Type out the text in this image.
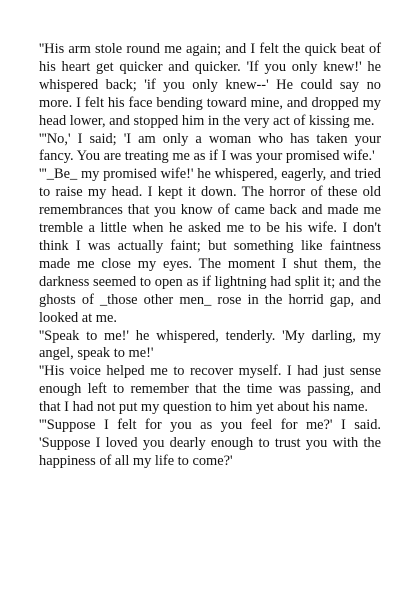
''His arm stole round me again; and I felt the quick beat of his heart get quicker and quicker. 'If you only knew!' he whispered back; 'if you only knew--' He could say no more. I felt his face bending toward mine, and dropped my head lower, and stopped him in the very act of kissing me.

'''No,' I said; 'I am only a woman who has taken your fancy. You are treating me as if I was your promised wife.'

'''_Be_ my promised wife!' he whispered, eagerly, and tried to raise my head. I kept it down. The horror of these old remembrances that you know of came back and made me tremble a little when he asked me to be his wife. I don't think I was actually faint; but something like faintness made me close my eyes. The moment I shut them, the darkness seemed to open as if lightning had split it; and the ghosts of _those other men_ rose in the horrid gap, and looked at me.

''Speak to me!' he whispered, tenderly. 'My darling, my angel, speak to me!'

''His voice helped me to recover myself. I had just sense enough left to remember that the time was passing, and that I had not put my question to him yet about his name.

'''Suppose I felt for you as you feel for me?' I said. 'Suppose I loved you dearly enough to trust you with the happiness of all my life to come?'
